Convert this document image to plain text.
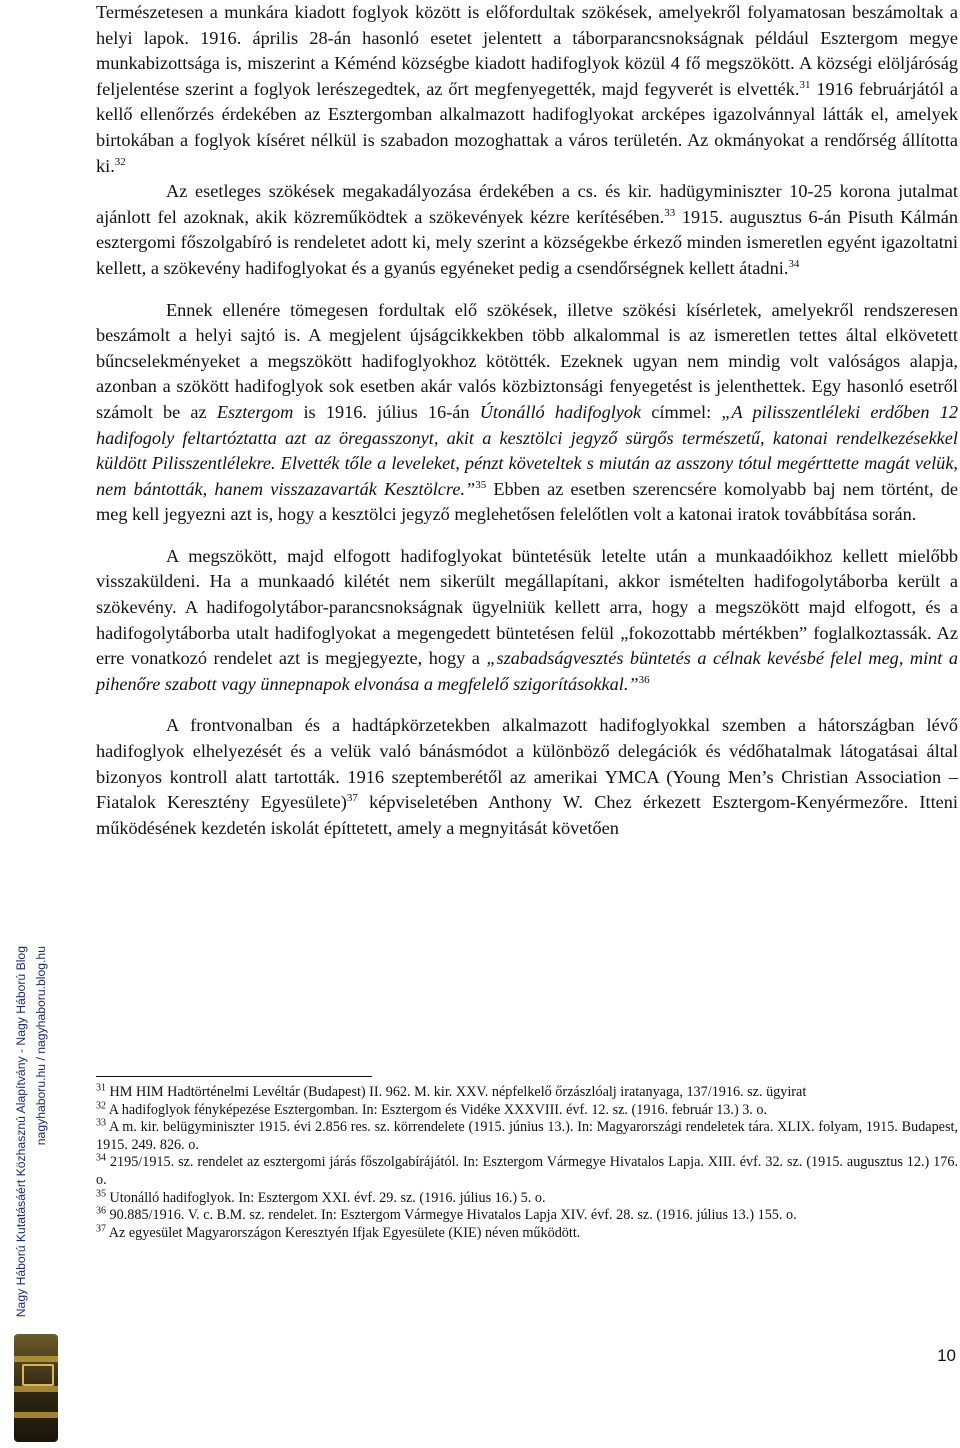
Természetesen a munkára kiadott foglyok között is előfordultak szökések, amelyekről folyamatosan beszámoltak a helyi lapok. 1916. április 28-án hasonló esetet jelentett a táborparancsnokságnak például Esztergom megye munkabizottsága is, miszerint a Kéménd községbe kiadott hadifoglyok közül 4 fő megszökött. A községi elöljáróság feljelentése szerint a foglyok lerészegedtek, az őrt megfenyegették, majd fegyverét is elvették.$^{31}$ 1916 februárjától a kellő ellenőrzés érdekében az Esztergomban alkalmazott hadifoglyokat arcképes igazolvánnyal látták el, amelyek birtokában a foglyok kíséret nélkül is szabadon mozoghattak a város területén. Az okmányokat a rendőrség állította ki.$^{32}$

Az esetleges szökések megakadályozása érdekében a cs. és kir. hadügyminiszter 10-25 korona jutalmat ajánlott fel azoknak, akik közreműködtek a szökevények kézre kerítésében.$^{33}$ 1915. augusztus 6-án Pisuth Kálmán esztergomi főszolgabíró is rendeletet adott ki, mely szerint a községekbe érkező minden ismeretlen egyént igazoltatni kellett, a szökevény hadifoglyokat és a gyanús egyéneket pedig a csendőrségnek kellett átadni.$^{34}$

Ennek ellenére tömegesen fordultak elő szökések, illetve szökési kísérletek, amelyekről rendszeresen beszámolt a helyi sajtó is. A megjelent újságcikkekben több alkalommal is az ismeretlen tettes által elkövetett bűncselekményeket a megszökött hadifoglyokhoz kötötték. Ezeknek ugyan nem mindig volt valóságos alapja, azonban a szökött hadifoglyok sok esetben akár valós közbiztonsági fenyegetést is jelenthettek. Egy hasonló esetről számolt be az Esztergom is 1916. július 16-án Útonálló hadifoglyok címmel: „A pilisszentléleki erdőben 12 hadifogoly feltartóztatta azt az öregasszonyt, akit a kesztölci jegyző sürgős természetű, katonai rendelkezésekkel küldött Pilisszentlélekre. Elvették tőle a leveleket, pénzt követeltek s miután az asszony tótul megérttette magát velük, nem bántották, hanem visszazavarták Kesztölcre.”$^{35}$ Ebben az esetben szerencsére komolyabb baj nem történt, de meg kell jegyezni azt is, hogy a kesztölci jegyző meglehetősen felelőtlen volt a katonai iratok továbbítása során.

A megszökött, majd elfogott hadifoglyokat büntetésük letelte után a munkaadóikhoz kellett mielőbb visszaküldeni. Ha a munkaadó kilétét nem sikerült megállapítani, akkor ismételten hadifogolytáborba került a szökevény. A hadifogolytábor-parancsnokságnak ügyelniük kellett arra, hogy a megszökött majd elfogott, és a hadifogolytáborba utalt hadifoglyokat a megengedett büntetésen felül „fokozottabb mértékben” foglalkoztassák. Az erre vonatkozó rendelet azt is megjegyezte, hogy a „szabadságvesztés büntetés a célnak kevésbé felel meg, mint a pihenőre szabott vagy ünnepnapok elvonása a megfelelő szigorításokkal.”$^{36}$

A frontvonalban és a hadtápkörzetekben alkalmazott hadifoglyokkal szemben a hátországban lévő hadifoglyok elhelyezését és a velük való bánásmódot a különböző delegációk és védőhatalmak látogatásai által bizonyos kontroll alatt tartották. 1916 szeptemberétől az amerikai YMCA (Young Men’s Christian Association – Fiatalok Keresztény Egyesülete)$^{37}$ képviseletében Anthony W. Chez érkezett Esztergom-Kenyérmezőre. Itteni működésének kezdetén iskolát építtetett, amely a megnyitását követően

$^{31}$ HM HIM Hadtörténelmi Levéltár (Budapest) II. 962. M. kir. XXV. népfelkelő őrzászlóalj iratanyaga, 137/1916. sz. ügyirat

$^{32}$ A hadifoglyok fényképezése Esztergomban. In: Esztergom és Vidéke XXXVIII. évf. 12. sz. (1916. február 13.) 3. o.

$^{33}$ A m. kir. belügyminiszter 1915. évi 2.856 res. sz. körrendelete (1915. június 13.). In: Magyarországi rendeletek tára. XLIX. folyam, 1915. Budapest, 1915. 249. 826. o.

$^{34}$ 2195/1915. sz. rendelet az esztergomi járás főszolgabírájától. In: Esztergom Vármegye Hivatalos Lapja. XIII. évf. 32. sz. (1915. augusztus 12.) 176. o.

$^{35}$ Utonálló hadifoglyok. In: Esztergom XXI. évf. 29. sz. (1916. július 16.) 5. o.

$^{36}$ 90.885/1916. V. c. B.M. sz. rendelet. In: Esztergom Vármegye Hivatalos Lapja XIV. évf. 28. sz. (1916. július 13.) 155. o.

$^{37}$ Az egyesület Magyarországon Keresztyén Ifjak Egyesülete (KIE) néven működött.

Nagy Háború Kutatásáért Közhasznú Alapítvány - Nagy Háború Blog nagyhaboru.hu / nagyhaboru.blog.hu
10
